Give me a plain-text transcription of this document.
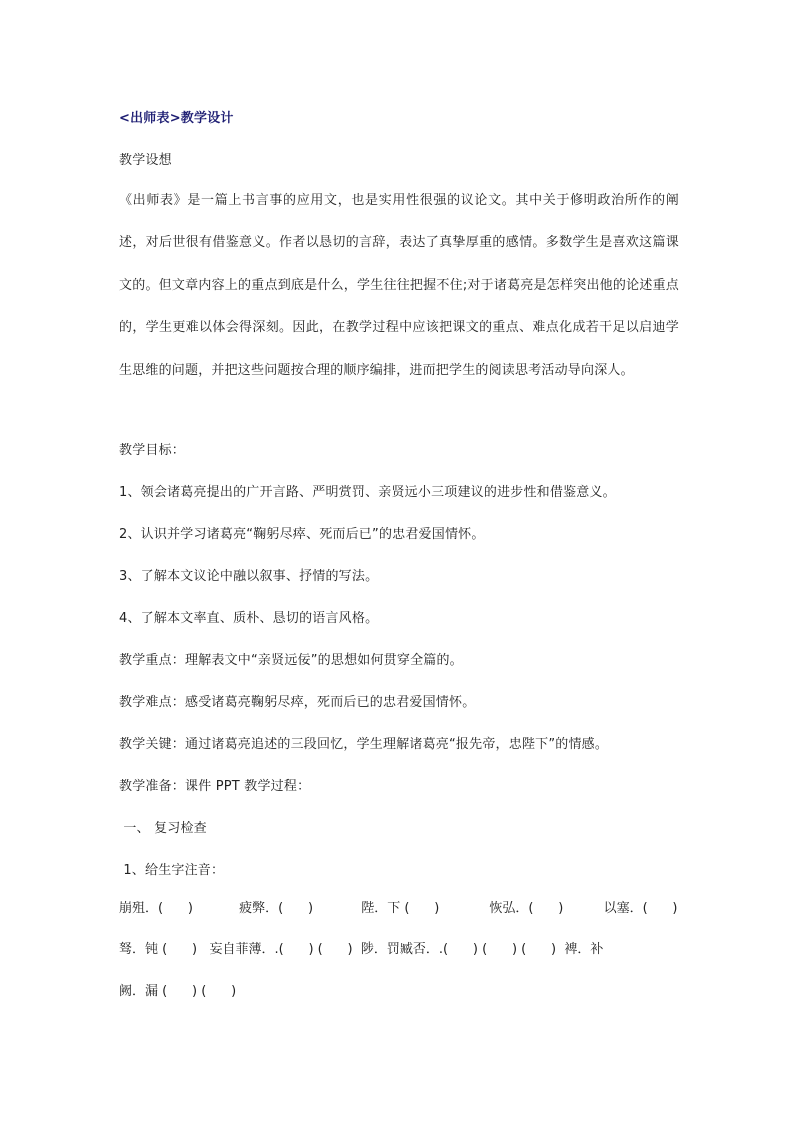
<出师表>教学设计
教学设想
《出师表》是一篇上书言事的应用文，也是实用性很强的议论文。其中关于修明政治所作的阐述，对后世很有借鉴意义。作者以恳切的言辞，表达了真挚厚重的感情。多数学生是喜欢这篇课文的。但文章内容上的重点到底是什么，学生往往把握不住;对于诸葛亮是怎样突出他的论述重点的，学生更难以体会得深刻。因此，在教学过程中应该把课文的重点、难点化成若干足以启迪学生思维的问题，并把这些问题按合理的顺序编排，进而把学生的阅读思考活动导向深人。
教学目标：
1、领会诸葛亮提出的广开言路、严明赏罚、亲贤远小三项建议的进步性和借鉴意义。
2、认识并学习诸葛亮“鞠躬尽瘁、死而后已”的忠君爱国情怀。
3、了解本文议论中融以叙事、抒情的写法。
4、了解本文率直、质朴、恳切的语言风格。
教学重点：理解表文中“亲贤远佞”的思想如何贯穿全篇的。
教学难点：感受诸葛亮鞠躬尽瘁，死而后已的忠君爱国情怀。
教学关键：通过诸葛亮追述的三段回忆，学生理解诸葛亮“报先帝，忠陛下”的情感。
教学准备：课件 PPT 教学过程：
一、 复习检查
1、给生字注音：
崩殂．(      )	疲弊．(      )	陛．下 (      )	恢弘．(      )	以塞．(      )
驽．钝 (      )   妄自菲薄．.(      ) (      )  陟．罚臧否．.(      ) (      ) (      )  裨．补
阙．漏 (      ) (      )
